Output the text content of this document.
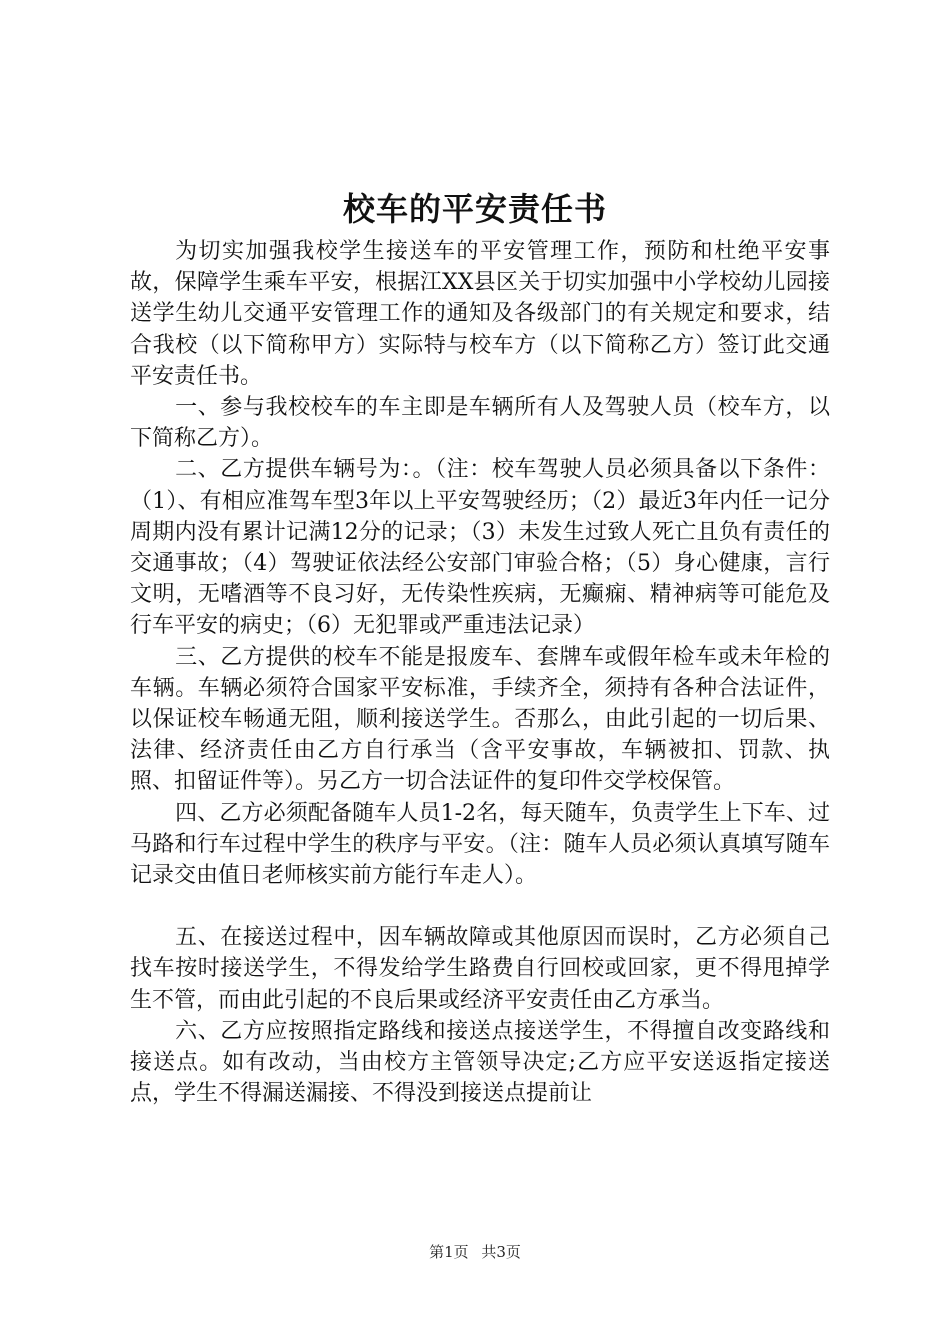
校车的平安责任书

为切实加强我校学生接送车的平安管理工作，预防和杜绝平安事故，保障学生乘车平安，根据江XX县区关于切实加强中小学校幼儿园接送学生幼儿交通平安管理工作的通知及各级部门的有关规定和要求，结合我校（以下简称甲方）实际特与校车方（以下简称乙方）签订此交通平安责任书。

一、参与我校校车的车主即是车辆所有人及驾驶人员（校车方，以下简称乙方）。

二、乙方提供车辆号为：。（注：校车驾驶人员必须具备以下条件：（1）、有相应准驾车型3年以上平安驾驶经历；（2）最近3年内任一记分周期内没有累计记满12分的记录；（3）未发生过致人死亡且负有责任的交通事故；（4）驾驶证依法经公安部门审验合格；（5）身心健康，言行文明，无嗜酒等不良习好，无传染性疾病，无癫痫、精神病等可能危及行车平安的病史；（6）无犯罪或严重违法记录）

三、乙方提供的校车不能是报废车、套牌车或假年检车或未年检的车辆。车辆必须符合国家平安标准，手续齐全，须持有各种合法证件，以保证校车畅通无阻，顺利接送学生。否那么，由此引起的一切后果、法律、经济责任由乙方自行承当（含平安事故，车辆被扣、罚款、执照、扣留证件等）。另乙方一切合法证件的复印件交学校保管。

四、乙方必须配备随车人员1-2名，每天随车，负责学生上下车、过马路和行车过程中学生的秩序与平安。（注：随车人员必须认真填写随车记录交由值日老师核实前方能行车走人）。

五、在接送过程中，因车辆故障或其他原因而误时，乙方必须自己找车按时接送学生，不得发给学生路费自行回校或回家，更不得甩掉学生不管，而由此引起的不良后果或经济平安责任由乙方承当。

六、乙方应按照指定路线和接送点接送学生，不得擅自改变路线和接送点。如有改动，当由校方主管领导决定;乙方应平安送返指定接送点，学生不得漏送漏接、不得没到接送点提前让

第1页 共3页
